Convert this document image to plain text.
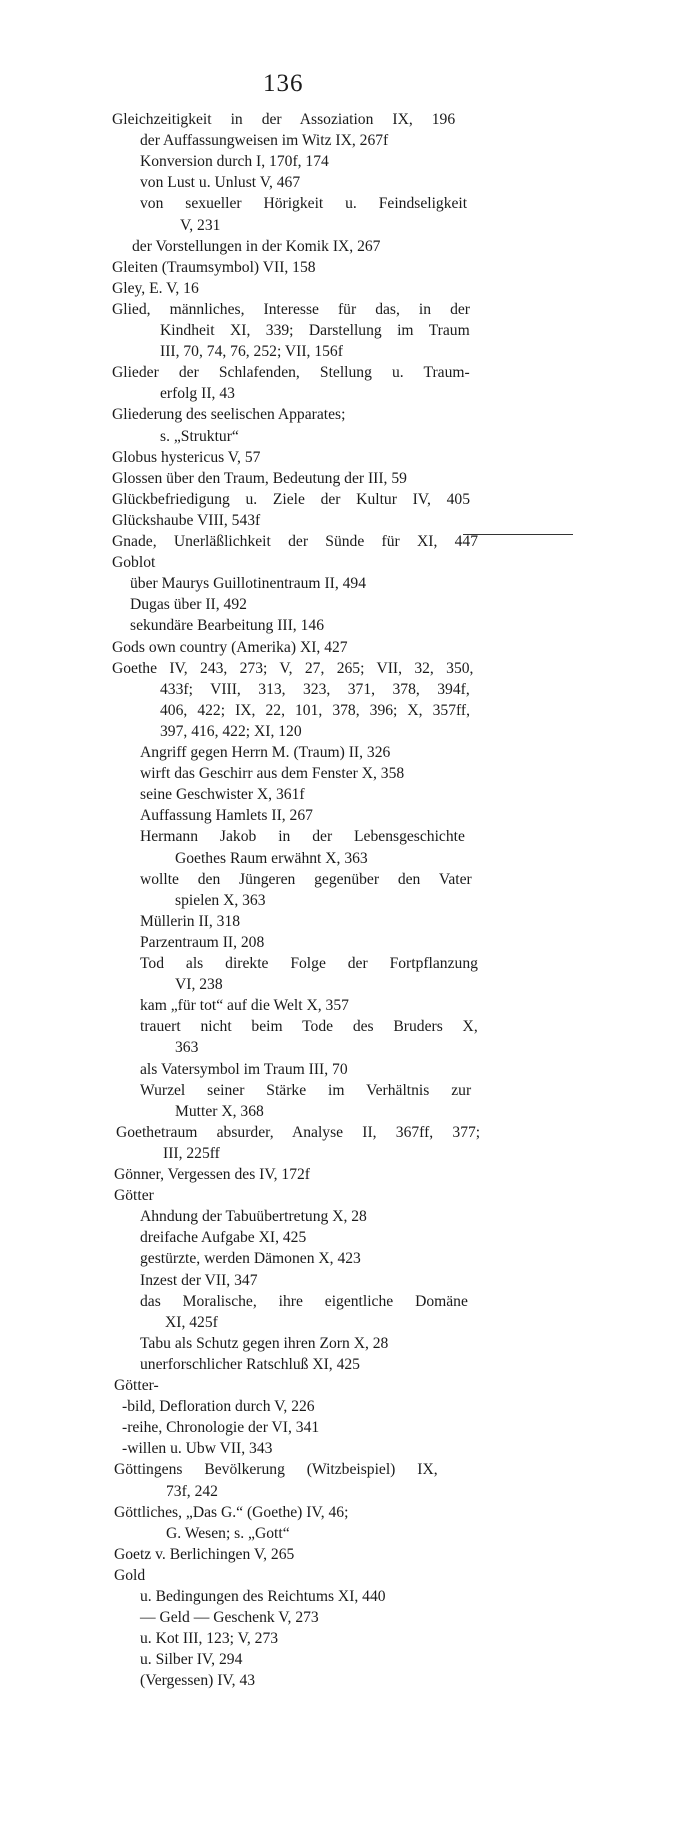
136
Gleichzeitigkeit in der Assoziation IX, 196
der Auffassungweisen im Witz IX, 267f
Konversion durch I, 170f, 174
von Lust u. Unlust V, 467
von sexueller Hörigkeit u. Feindseligkeit
V, 231
der Vorstellungen in der Komik IX, 267
Gleiten (Traumsymbol) VII, 158
Gley, E. V, 16
Glied, männliches, Interesse für das, in der
Kindheit XI, 339; Darstellung im Traum
III, 70, 74, 76, 252; VII, 156f
Glieder der Schlafenden, Stellung u. Traum-
erfolg II, 43
Gliederung des seelischen Apparates;
s. „Struktur“
Globus hystericus V, 57
Glossen über den Traum, Bedeutung der III, 59
Glückbefriedigung u. Ziele der Kultur IV, 405
Glückshaube VIII, 543f
Gnade, Unerläßlichkeit der Sünde für XI, 447
Goblot
über Maurys Guillotinentraum II, 494
Dugas über II, 492
sekundäre Bearbeitung III, 146
Gods own country (Amerika) XI, 427
Goethe IV, 243, 273; V, 27, 265; VII, 32, 350,
433f; VIII, 313, 323, 371, 378, 394f,
406, 422; IX, 22, 101, 378, 396; X, 357ff,
397, 416, 422; XI, 120
Angriff gegen Herrn M. (Traum) II, 326
wirft das Geschirr aus dem Fenster X, 358
seine Geschwister X, 361f
Auffassung Hamlets II, 267
Hermann Jakob in der Lebensgeschichte
Goethes Raum erwähnt X, 363
wollte den Jüngeren gegenüber den Vater
spielen X, 363
Müllerin II, 318
Parzentraum II, 208
Tod als direkte Folge der Fortpflanzung
VI, 238
kam „für tot“ auf die Welt X, 357
trauert nicht beim Tode des Bruders X,
363
als Vatersymbol im Traum III, 70
Wurzel seiner Stärke im Verhältnis zur
Mutter X, 368
Goethetraum absurder, Analyse II, 367ff, 377;
III, 225ff
Gönner, Vergessen des IV, 172f
Götter
Ahndung der Tabuübertretung X, 28
dreifache Aufgabe XI, 425
gestürzte, werden Dämonen X, 423
Inzest der VII, 347
das Moralische, ihre eigentliche Domäne
XI, 425f
Tabu als Schutz gegen ihren Zorn X, 28
unerforschlicher Ratschluß XI, 425
Götter-
-bild, Defloration durch V, 226
-reihe, Chronologie der VI, 341
-willen u. Ubw VII, 343
Göttingens Bevölkerung (Witzbeispiel) IX,
73f, 242
Göttliches, „Das G.“ (Goethe) IV, 46;
G. Wesen; s. „Gott“
Goetz v. Berlichingen V, 265
Gold
u. Bedingungen des Reichtums XI, 440
— Geld — Geschenk V, 273
u. Kot III, 123; V, 273
u. Silber IV, 294
(Vergessen) IV, 43
